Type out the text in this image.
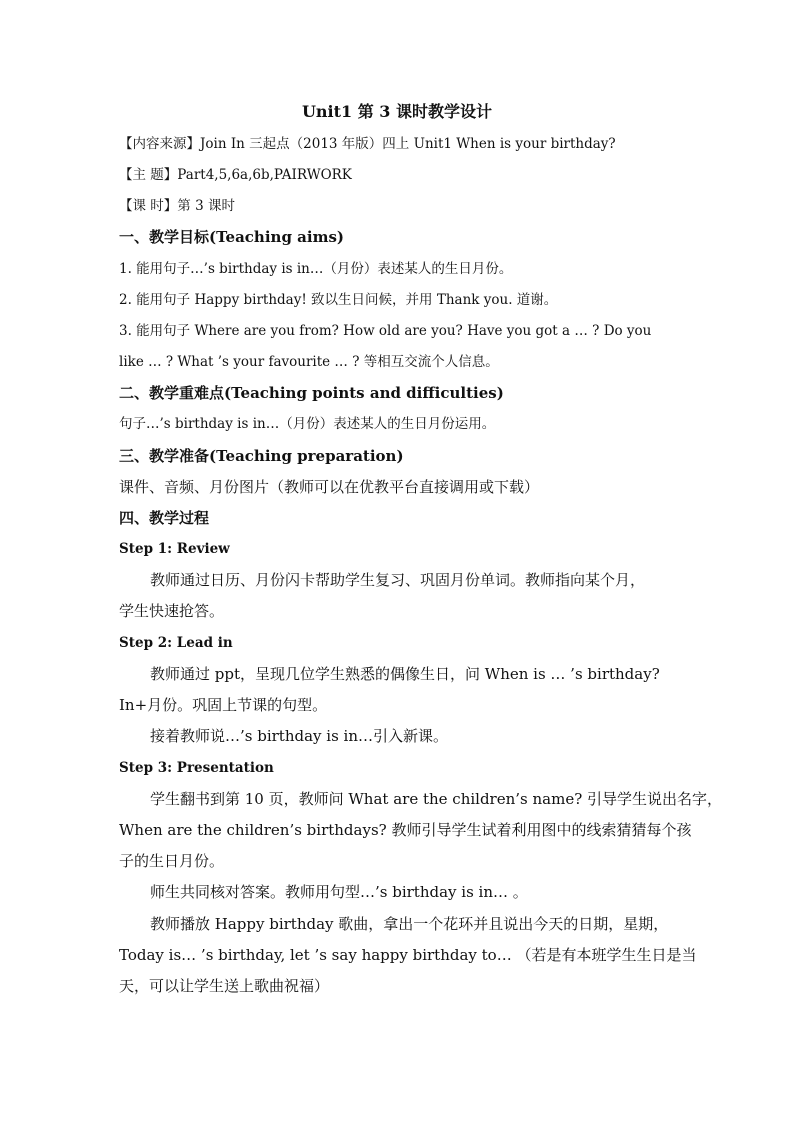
Unit1 第 3 课时教学设计
【内容来源】Join In 三起点（2013 年版）四上 Unit1 When is your birthday?
【主 题】Part4,5,6a,6b,PAIRWORK
【课 时】第 3 课时
一、教学目标(Teaching aims)
1. 能用句子…’s birthday is in…（月份）表述某人的生日月份。
2. 能用句子 Happy birthday! 致以生日问候，并用 Thank you. 道谢。
3. 能用句子 Where are you from? How old are you? Have you got a … ? Do you
like … ? What ’s your favourite … ? 等相互交流个人信息。
二、教学重难点(Teaching points and difficulties)
句子…’s birthday is in…（月份）表述某人的生日月份运用。
三、教学准备(Teaching preparation)
课件、音频、月份图片（教师可以在优教平台直接调用或下载）
四、教学过程
Step 1: Review
教师通过日历、月份闪卡帮助学生复习、巩固月份单词。教师指向某个月，
学生快速抢答。
Step 2: Lead in
教师通过 ppt，呈现几位学生熟悉的偶像生日，问 When is … ’s birthday?
In+月份。巩固上节课的句型。
接着教师说…’s birthday is in…引入新课。
Step 3: Presentation
学生翻书到第 10 页，教师问 What are the children’s name? 引导学生说出名字，
When are the children’s birthdays? 教师引导学生试着利用图中的线索猜猜每个孩
子的生日月份。
师生共同核对答案。教师用句型…’s birthday is in… 。
教师播放 Happy birthday 歌曲，拿出一个花环并且说出今天的日期，星期，
Today is… ’s birthday, let ’s say happy birthday to… （若是有本班学生生日是当
天，可以让学生送上歌曲祝福）
